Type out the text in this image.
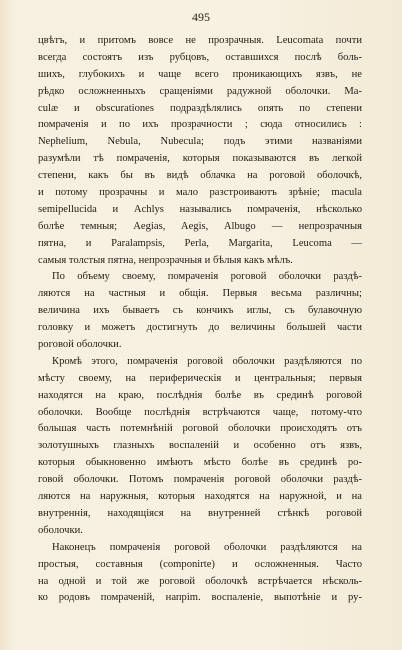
495
цвѣтъ, и притомъ вовсе не прозрачныя. Leucomata почти
всегда состоятъ изъ рубцовъ, оставшихся послѣ боль-
шихъ, глубокихъ и чаще всего проникающихъ язвъ, не
рѣдко осложненныхъ сращеніями радужной оболочки. Ma-
culæ и obscurationes подраздѣлялись опять по степени
помраченія и по ихъ прозрачности ; сюда относились :
Nephelium, Nebula, Nubecula; подъ этими названіями
разумѣли тѣ помраченія, которыя показываются въ легкой
степени, какъ бы въ видѣ облачка на роговой оболочкѣ,
и потому прозрачны и мало разстроиваютъ зрѣніе; macula
semipellucida и Achlys назывались помраченія, нѣсколько
болѣе темныя; Aegias, Aegis, Albugo — непрозрачныя
пятна, и Paralampsis, Perla, Margarita, Leucoma —
самыя толстыя пятна, непрозрачныя и бѣлыя какъ мѣлъ.
По объему своему, помраченія роговой оболочки раздѣ-
ляются на частныя и общія. Первыя весьма различны;
величина ихъ бываетъ съ кончикъ иглы, съ булавочную
головку и можетъ достигнуть до величины большей части
роговой оболочки.
Кромѣ этого, помраченія роговой оболочки раздѣляются по
мѣсту своему, на периферическія и центральныя; первыя
находятся на краю, послѣднія болѣе въ срединѣ роговой
оболочки. Вообще послѣднія встрѣчаются чаще, потому-что
большая часть потемнѣній роговой оболочки происходятъ отъ
золотушныхъ глазныхъ воспаленій и особенно отъ язвъ,
которыя обыкновенно имѣютъ мѣсто болѣе въ срединѣ ро-
говой оболочки. Потомъ помраченія роговой оболочки раздѣ-
ляются на наружныя, которыя находятся на наружной, и на
внутреннія, находящіяся на внутренней стѣнкѣ роговой
оболочки.
Наконецъ помраченія роговой оболочки раздѣляются на
простыя, составныя (componirte) и осложненныя. Часто
на одной и той же роговой оболочкѣ встрѣчается нѣсколь-
ко родовъ помраченій, напрim. воспаленіе, выпотѣніе и ру-
